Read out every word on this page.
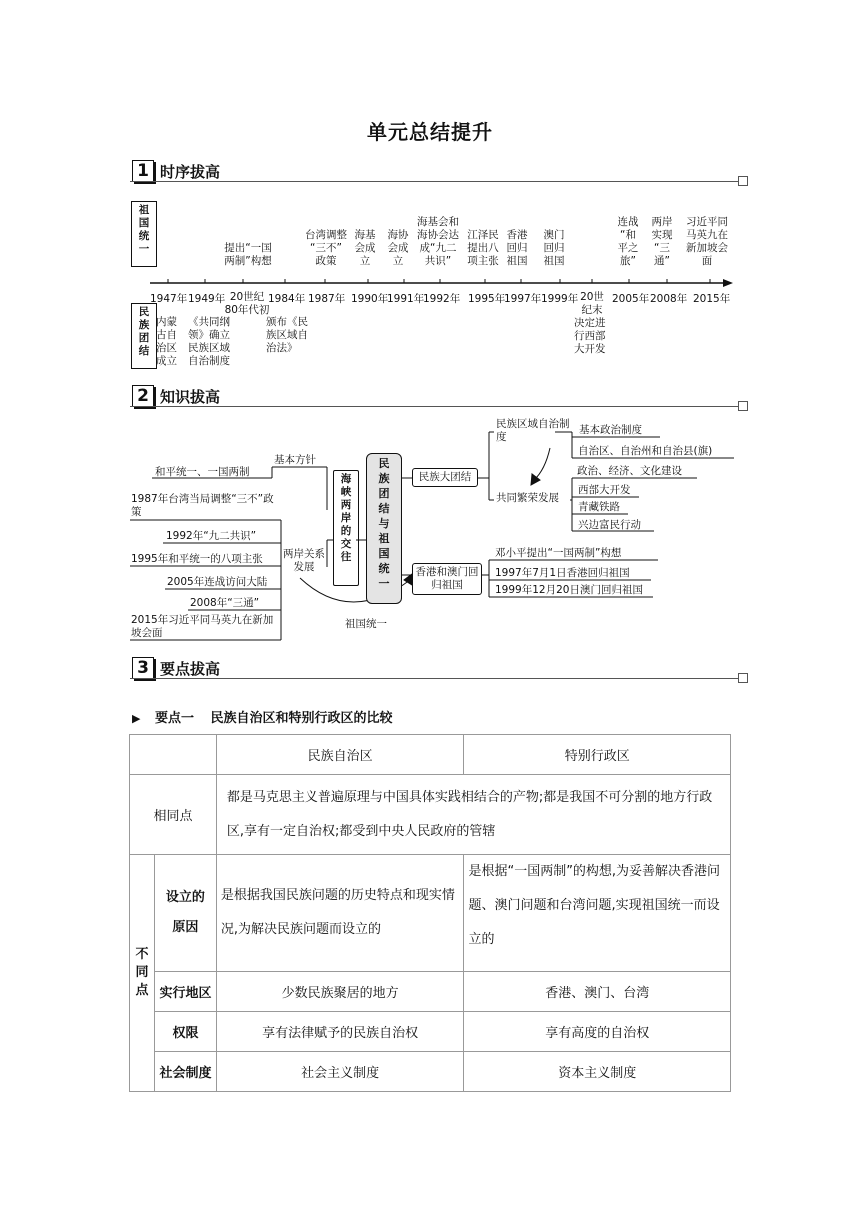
单元总结提升
1 时序拔高
2 知识拔高
3 要点拔高
祖国统一
民族团结
1947年 1949年 20世纪
80年代初
1984年 1987年 1990年
1991年
1992年 1995年
1997年 1999年 20世
纪末
2005年 2008年 2015年
提出“一国
两制”构想
台湾调整
“三不”
政策
海基
会成
立
海协
会成
立
海基会和
海协会达
成“九二
共识”
江泽民
提出八
项主张
香港
回归
祖国
澳门
回归
祖国
连战
“和
平之
旅”
两岸
实现
“三
通”
习近平同
马英九在
新加坡会
面
内蒙
古自
治区
成立
《共同纲
领》确立
民族区域
自治制度
颁布《民
族区域自
治法》
决定进
行西部
大开发
海峡两岸的交往
民族团结与祖国统一
和平统一、一国两制
基本方针
两岸关系发展
1987年台湾当局调整“三不”政策
1992年“九二共识”
1995年和平统一的八项主张
2005年连战访问大陆
2008年“三通”
2015年习近平同马英九在新加坡会面
祖国统一
民族大团结
香港和澳门回归祖国
民族区域自治制度
共同繁荣发展
基本政治制度
自治区、自治州和自治县(旗)
政治、经济、文化建设
西部大开发
青藏铁路
兴边富民行动
邓小平提出“一国两制”构想
1997年7月1日香港回归祖国
1999年12月20日澳门回归祖国
▶ 要点一 民族自治区和特别行政区的比较
		民族自治区	特别行政区
相同点		都是马克思主义普遍原理与中国具体实践相结合的产物;都是我国不可分割的地方行政区,享有一定自治权;都受到中央人民政府的管辖	

不同点	设立的原因	是根据我国民族问题的历史特点和现实情况,为解决民族问题而设立的	是根据“一国两制”的构想,为妥善解决香港问题、澳门问题和台湾问题,实现祖国统一而设立的
	实行地区	少数民族聚居的地方	香港、澳门、台湾
	权限	享有法律赋予的民族自治权	享有高度的自治权
	社会制度	社会主义制度	资本主义制度
